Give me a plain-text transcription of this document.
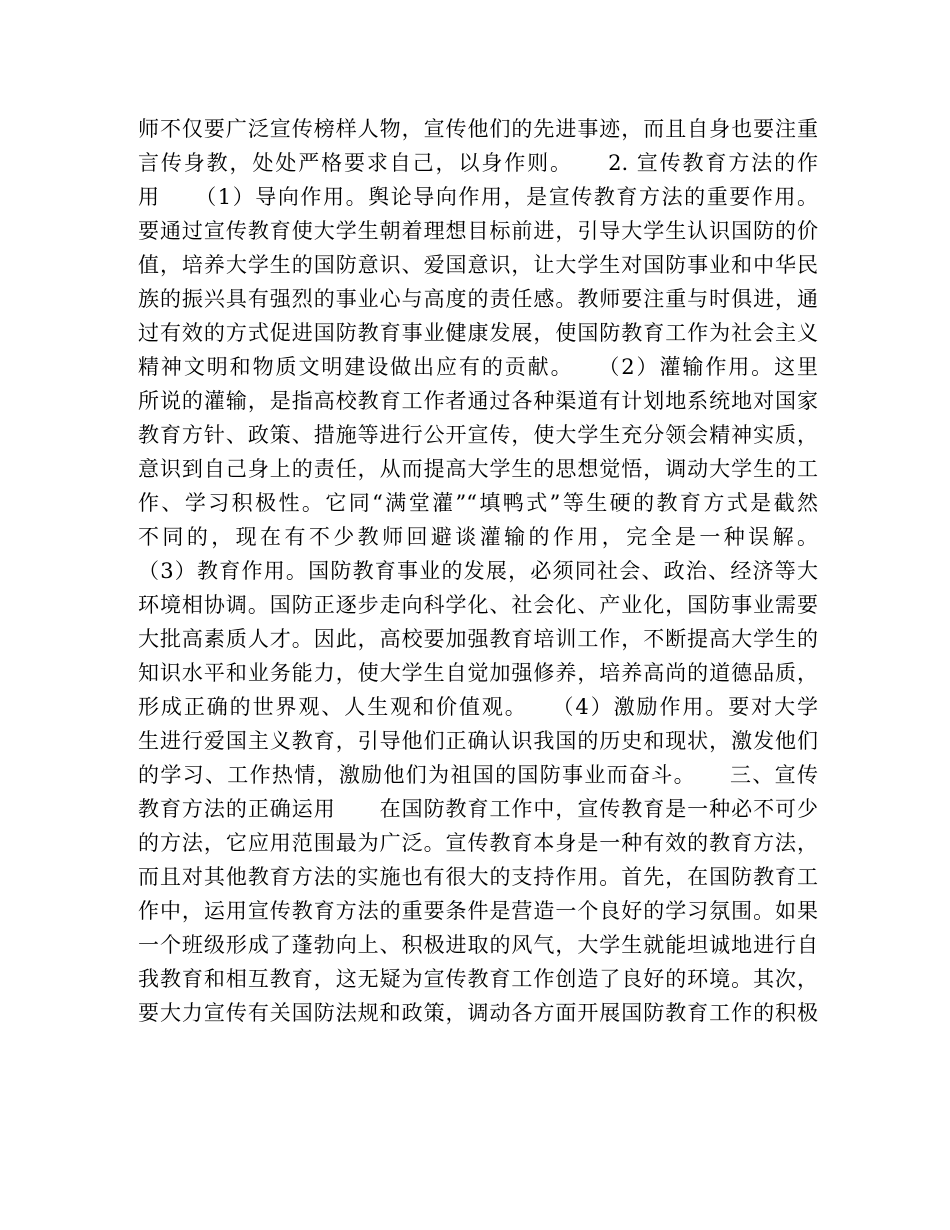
师不仅要广泛宣传榜样人物，宣传他们的先进事迹，而且自身也要注重
言传身教，处处严格要求自己，以身作则。　　2. 宣传教育方法的作
用　　（1）导向作用。舆论导向作用，是宣传教育方法的重要作用。
要通过宣传教育使大学生朝着理想目标前进，引导大学生认识国防的价
值，培养大学生的国防意识、爱国意识，让大学生对国防事业和中华民
族的振兴具有强烈的事业心与高度的责任感。教师要注重与时俱进，通
过有效的方式促进国防教育事业健康发展，使国防教育工作为社会主义
精神文明和物质文明建设做出应有的贡献。　　（2）灌输作用。这里
所说的灌输，是指高校教育工作者通过各种渠道有计划地系统地对国家
教育方针、政策、措施等进行公开宣传，使大学生充分领会精神实质，
意识到自己身上的责任，从而提高大学生的思想觉悟，调动大学生的工
作、学习积极性。它同“满堂灌”“填鸭式”等生硬的教育方式是截然
不同的，现在有不少教师回避谈灌输的作用，完全是一种误解。
（3）教育作用。国防教育事业的发展，必须同社会、政治、经济等大
环境相协调。国防正逐步走向科学化、社会化、产业化，国防事业需要
大批高素质人才。因此，高校要加强教育培训工作，不断提高大学生的
知识水平和业务能力，使大学生自觉加强修养，培养高尚的道德品质，
形成正确的世界观、人生观和价值观。　　（4）激励作用。要对大学
生进行爱国主义教育，引导他们正确认识我国的历史和现状，激发他们
的学习、工作热情，激励他们为祖国的国防事业而奋斗。　　三、宣传
教育方法的正确运用　　在国防教育工作中，宣传教育是一种必不可少
的方法，它应用范围最为广泛。宣传教育本身是一种有效的教育方法，
而且对其他教育方法的实施也有很大的支持作用。首先，在国防教育工
作中，运用宣传教育方法的重要条件是营造一个良好的学习氛围。如果
一个班级形成了蓬勃向上、积极进取的风气，大学生就能坦诚地进行自
我教育和相互教育，这无疑为宣传教育工作创造了良好的环境。其次，
要大力宣传有关国防法规和政策，调动各方面开展国防教育工作的积极
